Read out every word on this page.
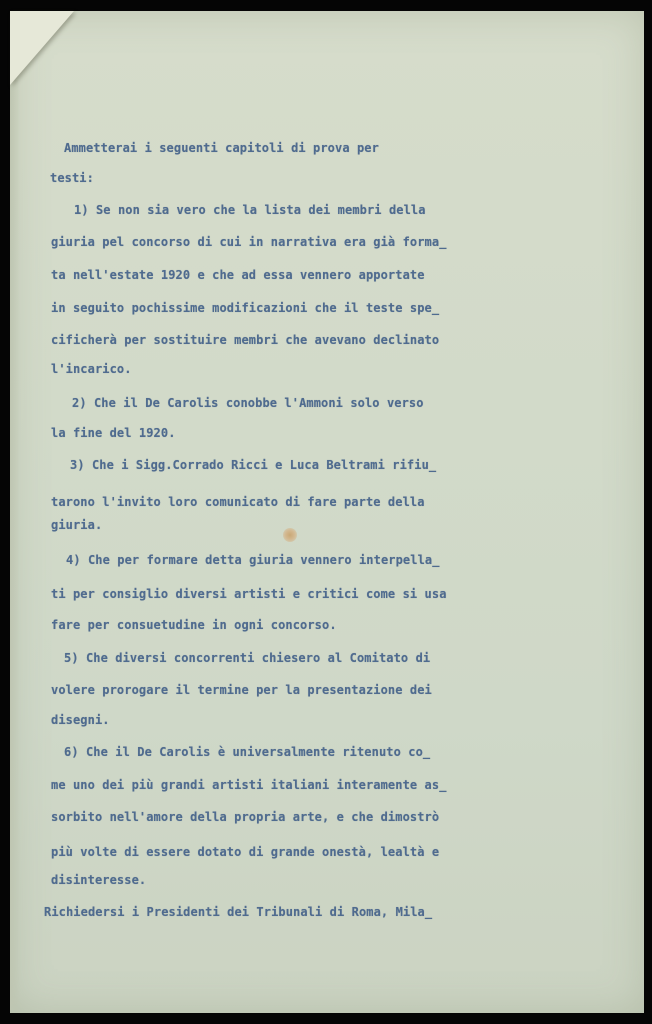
Ammetterai i seguenti capitoli di prova per
testi:
1) Se non sia vero che la lista dei membri della
giuria pel concorso di cui in narrativa era già forma_
ta nell'estate 1920 e che ad essa vennero apportate
in seguito pochissime modificazioni che il teste spe_
cificherà per sostituire membri che avevano declinato
l'incarico.
2) Che il De Carolis conobbe l'Ammoni solo verso
la fine del 1920.
3) Che i Sigg.Corrado Ricci e Luca Beltrami rifiu_
tarono l'invito loro comunicato di fare parte della
giuria.
4) Che per formare detta giuria vennero interpella_
ti per consiglio diversi artisti e critici come si usa
fare per consuetudine in ogni concorso.
5) Che diversi concorrenti chiesero al Comitato di
volere prorogare il termine per la presentazione dei
disegni.
6) Che il De Carolis è universalmente ritenuto co_
me uno dei più grandi artisti italiani interamente as_
sorbito nell'amore della propria arte, e che dimostrò
più volte di essere dotato di grande onestà, lealtà e
disinteresse.
Richiedersi i Presidenti dei Tribunali di Roma, Mila_
